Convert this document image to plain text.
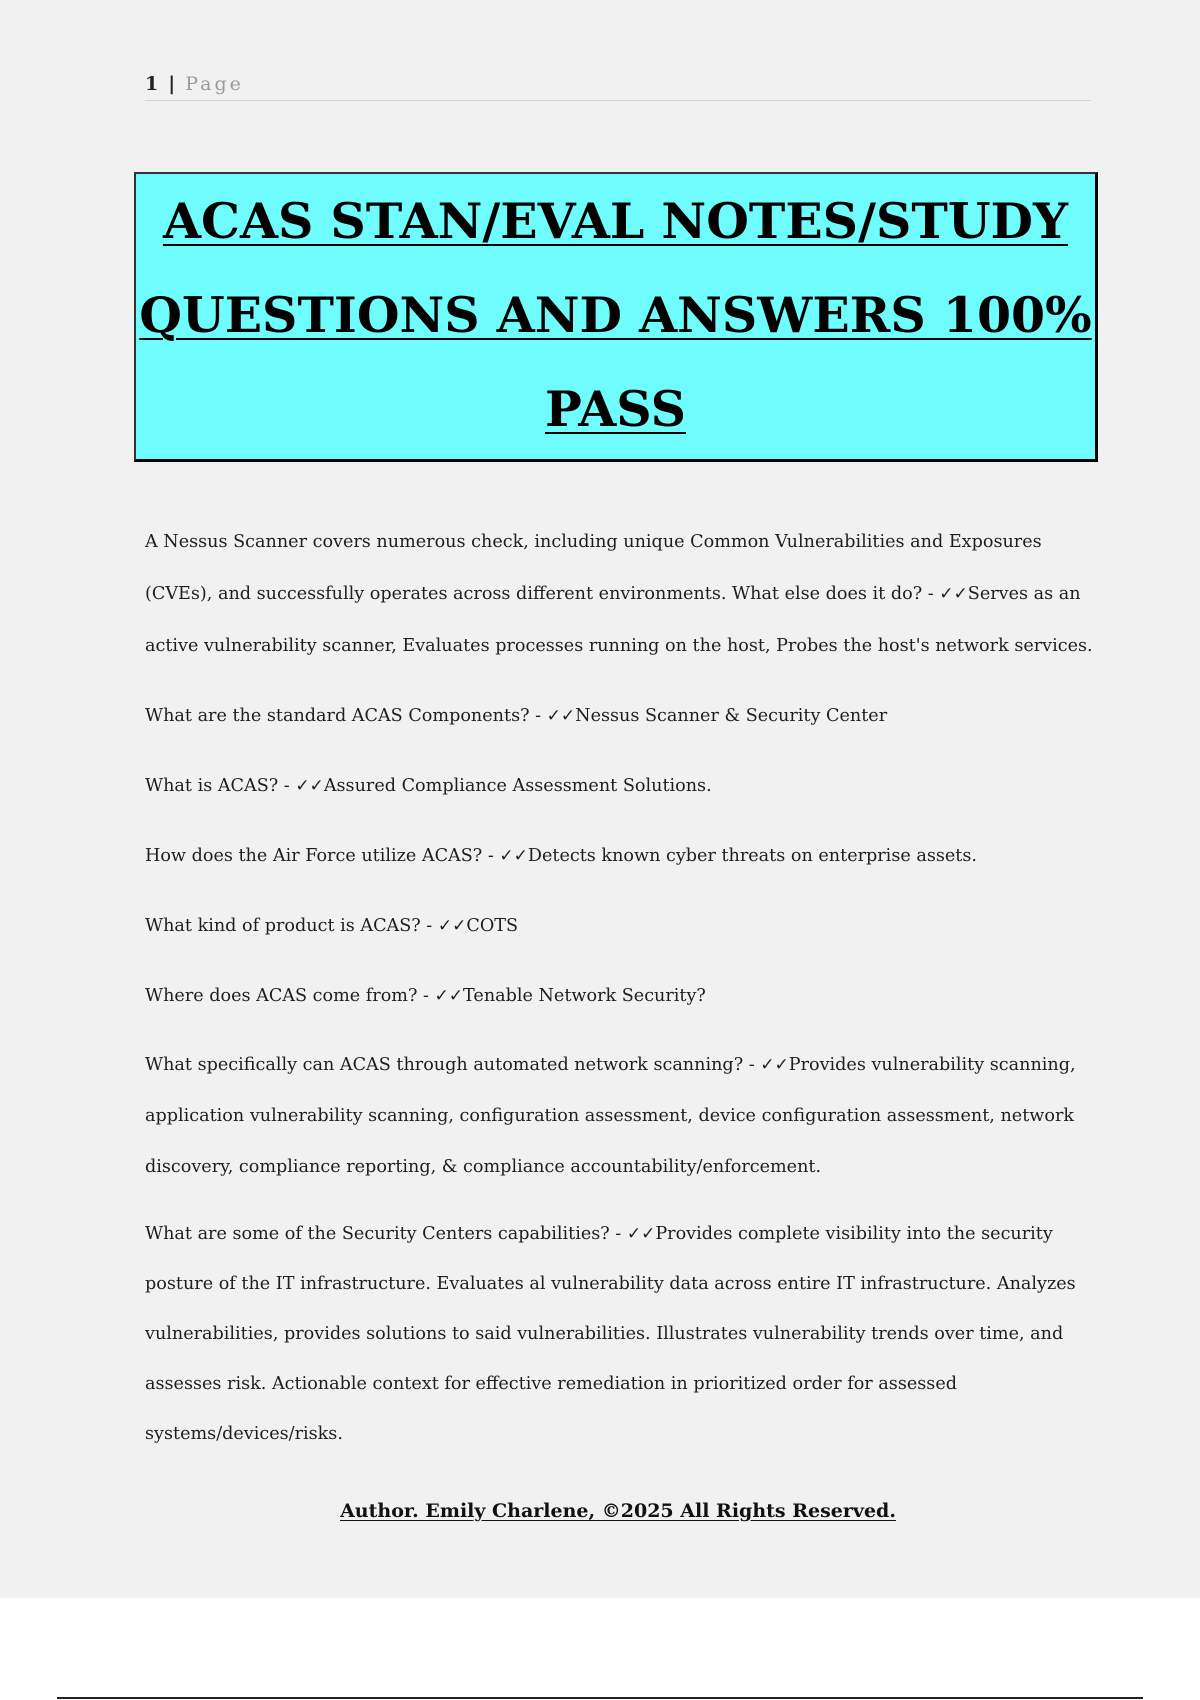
1 | Page
ACAS STAN/EVAL NOTES/STUDY
QUESTIONS AND ANSWERS 100%
PASS

A Nessus Scanner covers numerous check, including unique Common Vulnerabilities and Exposures (CVEs), and successfully operates across different environments. What else does it do? - ✓✓Serves as an active vulnerability scanner, Evaluates processes running on the host, Probes the host's network services.

What are the standard ACAS Components? - ✓✓Nessus Scanner & Security Center

What is ACAS? - ✓✓Assured Compliance Assessment Solutions.

How does the Air Force utilize ACAS? - ✓✓Detects known cyber threats on enterprise assets.

What kind of product is ACAS? - ✓✓COTS

Where does ACAS come from? - ✓✓Tenable Network Security?

What specifically can ACAS through automated network scanning? - ✓✓Provides vulnerability scanning, application vulnerability scanning, configuration assessment, device configuration assessment, network discovery, compliance reporting, & compliance accountability/enforcement.

What are some of the Security Centers capabilities? - ✓✓Provides complete visibility into the security posture of the IT infrastructure. Evaluates al vulnerability data across entire IT infrastructure. Analyzes vulnerabilities, provides solutions to said vulnerabilities. Illustrates vulnerability trends over time, and assesses risk. Actionable context for effective remediation in prioritized order for assessed systems/devices/risks.

Author. Emily Charlene, ©2025 All Rights Reserved.
